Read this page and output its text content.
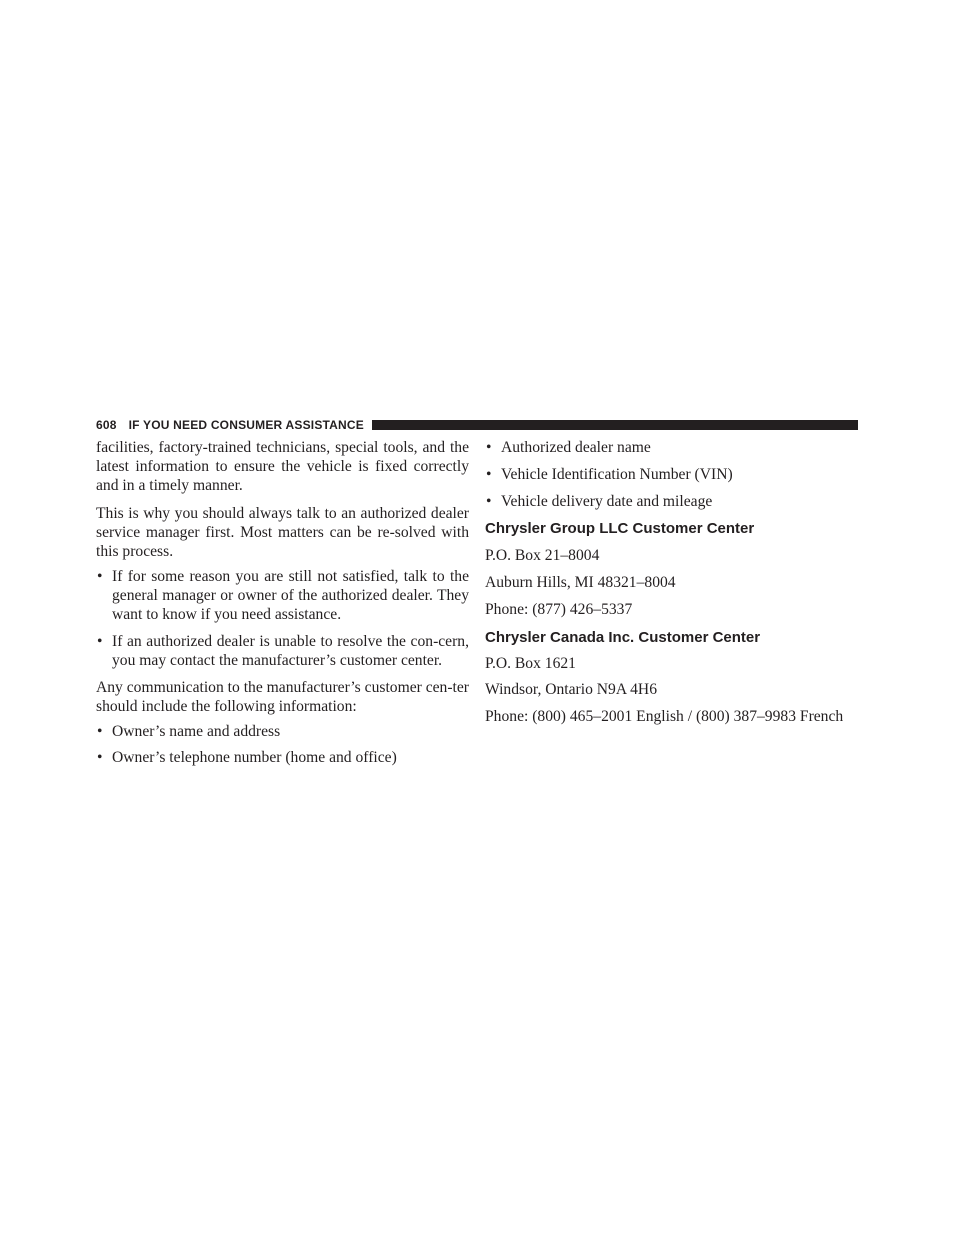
608 IF YOU NEED CONSUMER ASSISTANCE

facilities, factory-trained technicians, special tools, and the latest information to ensure the vehicle is fixed correctly and in a timely manner.

This is why you should always talk to an authorized dealer service manager first. Most matters can be re-solved with this process.

• If for some reason you are still not satisfied, talk to the general manager or owner of the authorized dealer. They want to know if you need assistance.
• If an authorized dealer is unable to resolve the con-cern, you may contact the manufacturer’s customer center.

Any communication to the manufacturer’s customer cen-ter should include the following information:

• Owner’s name and address
• Owner’s telephone number (home and office)
• Authorized dealer name
• Vehicle Identification Number (VIN)
• Vehicle delivery date and mileage
Chrysler Group LLC Customer Center

P.O. Box 21–8004

Auburn Hills, MI 48321–8004

Phone: (877) 426–5337

Chrysler Canada Inc. Customer Center

P.O. Box 1621

Windsor, Ontario N9A 4H6

Phone: (800) 465–2001 English / (800) 387–9983 French
